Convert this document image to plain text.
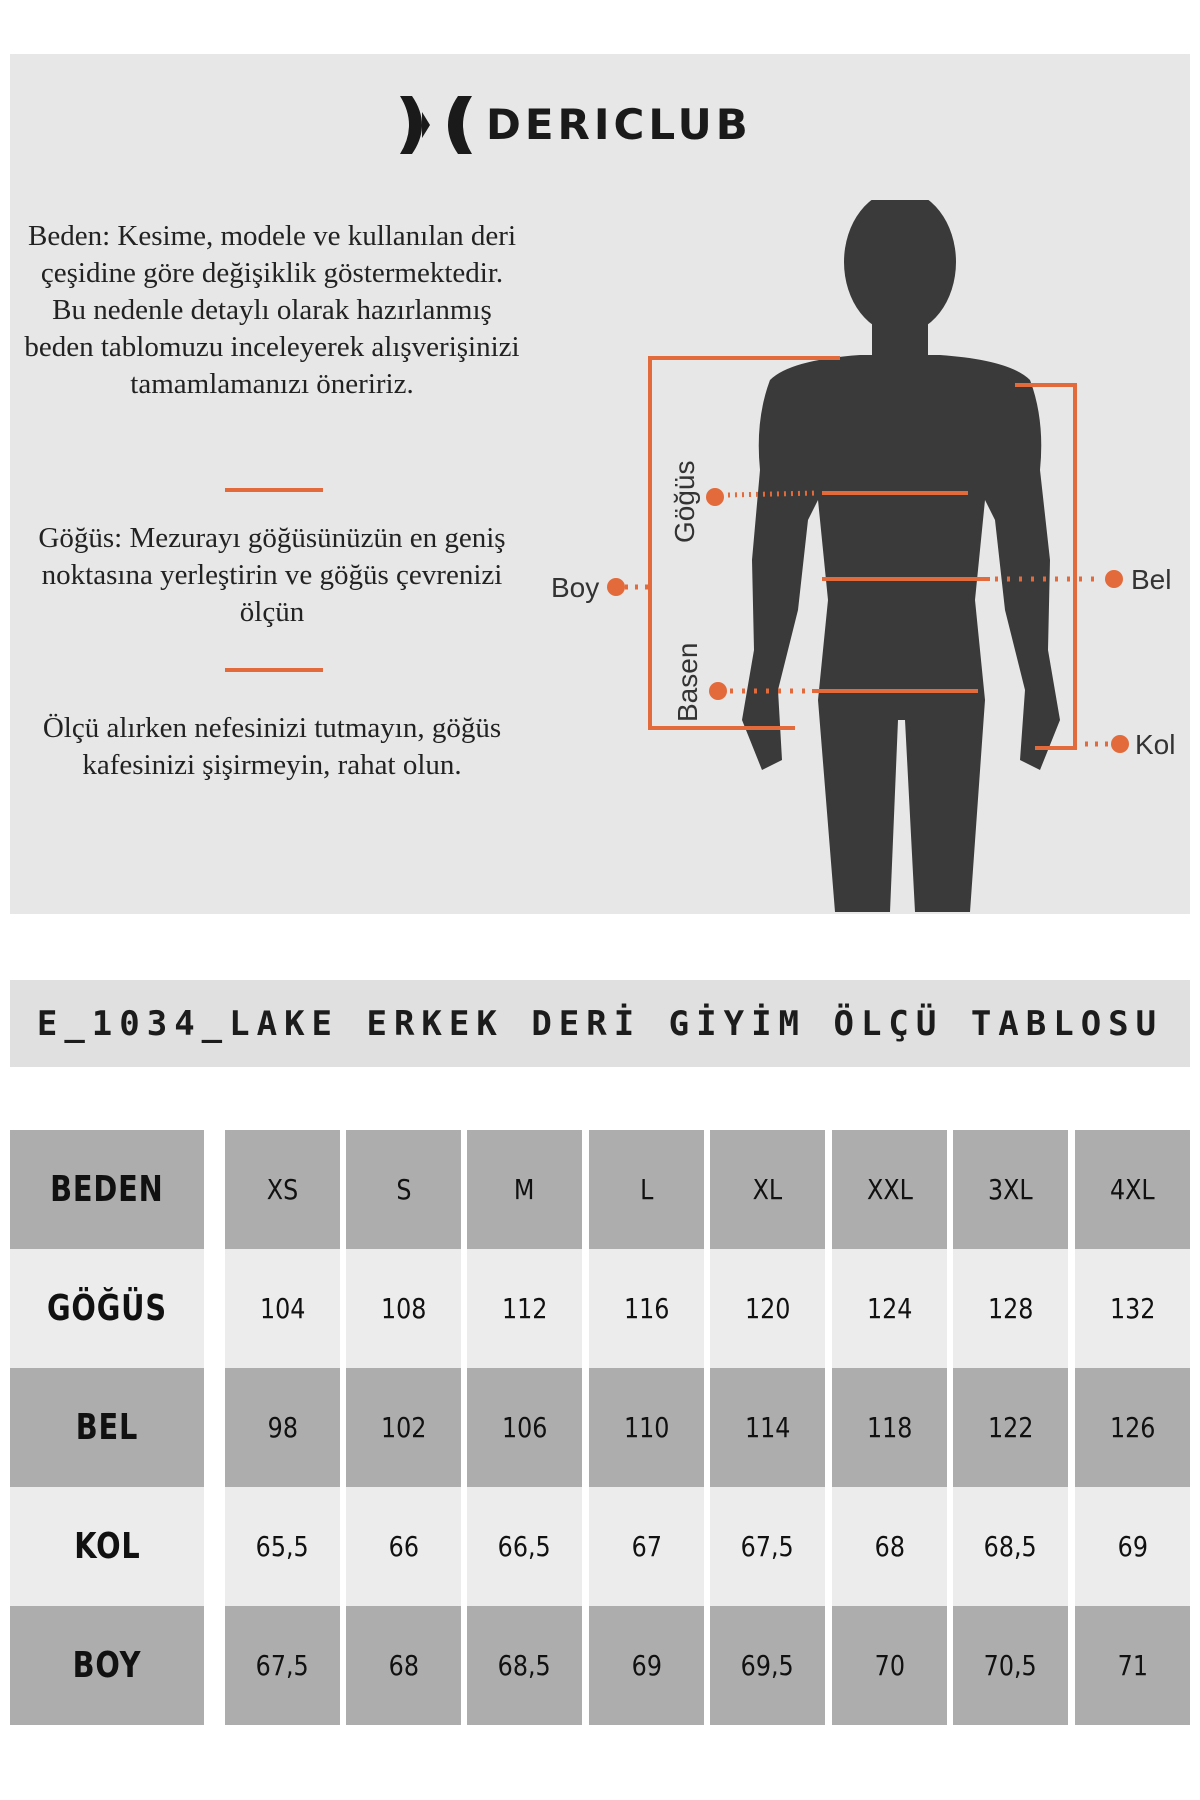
DERICLUB
Beden: Kesime, modele ve kullanılan deri çeşidine göre değişiklik göstermektedir. Bu nedenle detaylı olarak hazırlanmış beden tablomuzu inceleyerek alışverişinizi tamamlamanızı öneririz.
Göğüs: Mezurayı göğüsünüzün en geniş noktasına yerleştirin ve göğüs çevrenizi ölçün
Ölçü alırken nefesinizi tutmayın, göğüs kafesinizi şişirmeyin, rahat olun.
Boy	Bel
Kol
Göğüs
Basen
E_1034_LAKE ERKEK DERİ GİYİM ÖLÇÜ TABLOSU
BEDEN	XS	S	M	L	XL	XXL	3XL	4XL
GÖĞÜS	104	108	112	116	120	124	128	132
BEL	98	102	106	110	114	118	122	126
KOL	65,5	66	66,5	67	67,5	68	68,5	69
BOY	67,5	68	68,5	69	69,5	70	70,5	71
